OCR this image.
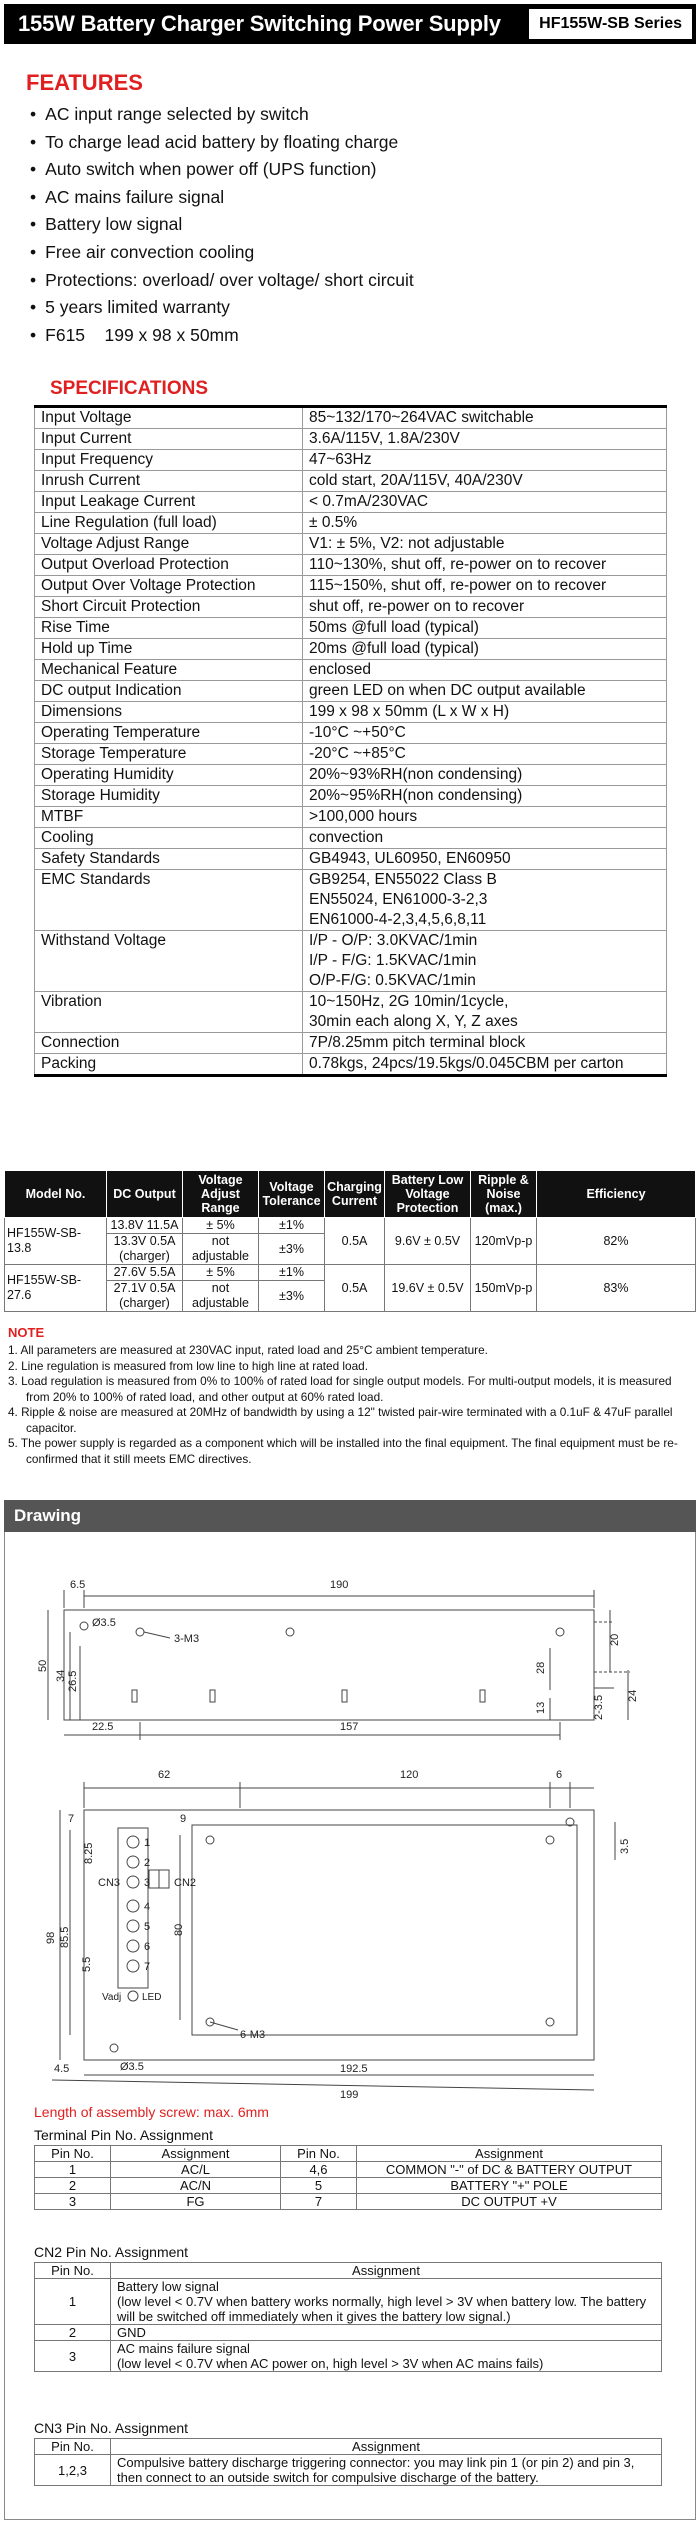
155W Battery Charger Switching Power Supply	HF155W-SB Series
FEATURES
• AC input range selected by switch
• To charge lead acid battery by floating charge
• Auto switch when power off (UPS function)
• AC mains failure signal
• Battery low signal
• Free air convection cooling
• Protections: overload/ over voltage/ short circuit
• 5 years limited warranty
• F615    199 x 98 x 50mm
SPECIFICATIONS
Input Voltage	85~132/170~264VAC switchable

Input Current	3.6A/115V, 1.8A/230V

Input Frequency	47~63Hz

Inrush Current	cold start, 20A/115V, 40A/230V

Input Leakage Current	< 0.7mA/230VAC

Line Regulation (full load)	± 0.5%

Voltage Adjust Range	V1: ± 5%, V2: not adjustable

Output Overload Protection	110~130%, shut off, re-power on to recover

Output Over Voltage Protection	115~150%, shut off, re-power on to recover

Short Circuit Protection	shut off, re-power on to recover

Rise Time	50ms @full load (typical)

Hold up Time	20ms @full load (typical)

Mechanical Feature	enclosed

DC output Indication	green LED on when DC output available

Dimensions	199 x 98 x 50mm (L x W x H)

Operating Temperature	-10°C ~+50°C

Storage Temperature	-20°C ~+85°C

Operating Humidity	20%~93%RH(non condensing)

Storage Humidity	20%~95%RH(non condensing)

MTBF	>100,000 hours

Cooling	convection

Safety Standards	GB4943, UL60950, EN60950

EMC Standards	GB9254, EN55022 Class B
EN55024, EN61000-3-2,3
EN61000-4-2,3,4,5,6,8,11

Withstand Voltage	I/P - O/P: 3.0KVAC/1min
I/P - F/G: 1.5KVAC/1min
O/P-F/G: 0.5KVAC/1min

Vibration	10~150Hz, 2G 10min/1cycle,
30min each along X, Y, Z axes

Connection	7P/8.25mm pitch terminal block

Packing	0.78kgs, 24pcs/19.5kgs/0.045CBM per carton
Model No.	DC Output	Voltage Adjust Range	Voltage Tolerance	Charging Current	Battery Low Voltage Protection	Ripple & Noise (max.)	Efficiency
HF155W-SB-13.8	13.8V 11.5A	± 5%	±1%	0.5A	9.6V ± 0.5V	120mVp-p	82%
	13.3V 0.5A (charger)	not adjustable	±3%				
HF155W-SB-27.6	27.6V 5.5A	± 5%	±1%	0.5A	19.6V ± 0.5V	150mVp-p	83%
	27.1V 0.5A (charger)	not adjustable	±3%				
NOTE
1. All parameters are measured at 230VAC input, rated load and 25°C ambient temperature.
2. Line regulation is measured from low line to high line at rated load.
3. Load regulation is measured from 0% to 100% of rated load for single output models. For multi-output models, it is measured from 20% to 100% of rated load, and other output at 60% rated load.
4. Ripple & noise are measured at 20MHz of bandwidth by using a 12" twisted pair-wire terminated with a 0.1uF & 47uF parallel capacitor.
5. The power supply is regarded as a component which will be installed into the final equipment. The final equipment must be re-confirmed that it still meets EMC directives.
Drawing
6.5	190
Ø3.5
3-M3
50
34 26.5
22.5	157
28
13	2-3.5
20
24
62	120	6
7	9
8.25
CN3	CN2
98 85.5	80
5.5
3.5
Ø3.5
6-M3
4.5	192.5
199
1
2
3
4
5
6
7
Vadj LED
Length of assembly screw: max. 6mm
Terminal Pin No. Assignment
Pin No.	Assignment	Pin No.	Assignment
1	AC/L	4,6	COMMON "-" of DC & BATTERY OUTPUT
2	AC/N	5	BATTERY "+" POLE
3	FG	7	DC OUTPUT +V
CN2 Pin No. Assignment
Pin No.	Assignment
1	Battery low signal
(low level < 0.7V when battery works normally, high level > 3V when battery low. The battery
will be switched off immediately when it gives the battery low signal.)

2	GND
3	AC mains failure signal
(low level < 0.7V when AC power on, high level > 3V when AC mains fails)
CN3 Pin No. Assignment
Pin No.	Assignment
1,2,3	Compulsive battery discharge triggering connector: you may link pin 1 (or pin 2) and pin 3,
then connect to an outside switch for compulsive discharge of the battery.
